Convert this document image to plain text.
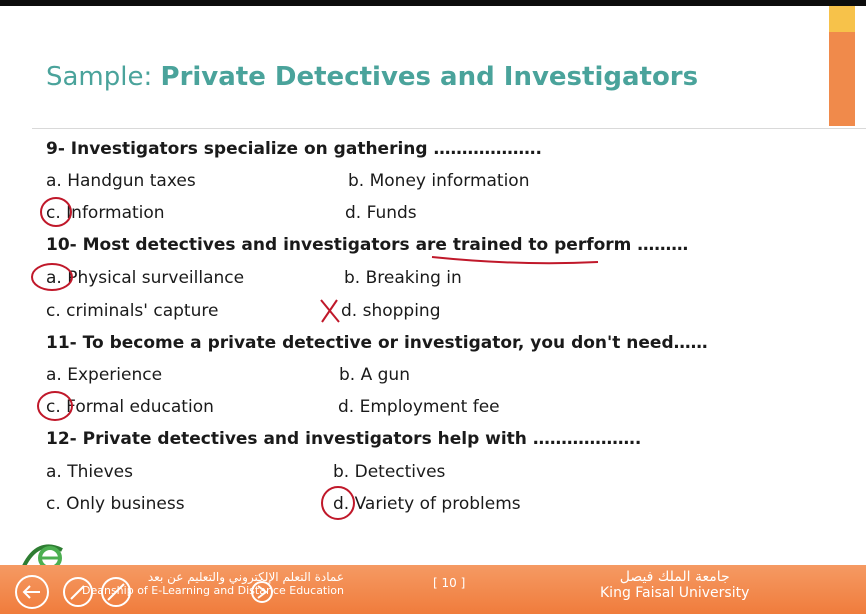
Sample: Private Detectives and Investigators
9- Investigators specialize on gathering ……………….
a. Handgun taxes	b. Money information
c. Information	d. Funds
10- Most detectives and investigators are trained to perform ………
a. Physical surveillance	b. Breaking in
c. criminals' capture	d. shopping
11- To become a private detective or investigator, you don't need……
a. Experience	b. A gun
c. Formal education	d. Employment fee
12- Private detectives and investigators help with ……………….
a. Thieves	b. Detectives
c. Only business	d. Variety of problems
عمادة التعلم الإلكتروني والتعليم عن بعد
Deanship of E-Learning and Distance Education
[ 10 ]	جامعة الملك فيصل
King Faisal University
